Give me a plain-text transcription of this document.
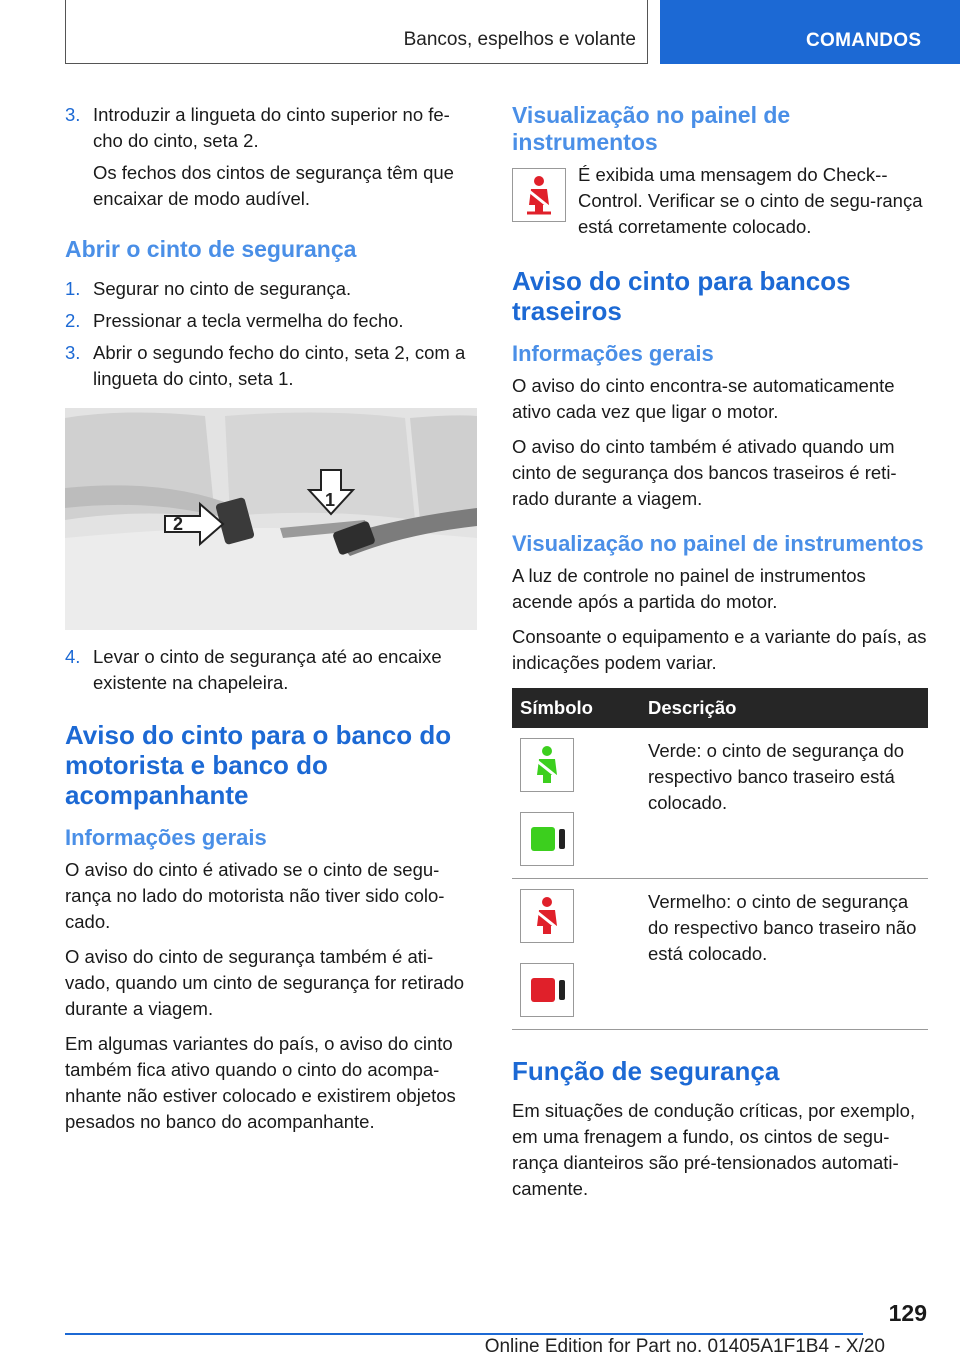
Bancos, espelhos e volante	COMANDOS
3. Introduzir a lingueta do cinto superior no fe-cho do cinto, seta 2.

Os fechos dos cintos de segurança têm que encaixar de modo audível.

Abrir o cinto de segurança
1. Segurar no cinto de segurança.
2. Pressionar a tecla vermelha do fecho.
3. Abrir o segundo fecho do cinto, seta 2, com a lingueta do cinto, seta 1.
2
1
4. Levar o cinto de segurança até ao encaixe existente na chapeleira.
Aviso do cinto para o banco do motorista e banco do acompanhante
Informações gerais

O aviso do cinto é ativado se o cinto de segu-rança no lado do motorista não tiver sido colo-cado.

O aviso do cinto de segurança também é ati-vado, quando um cinto de segurança for retirado durante a viagem.

Em algumas variantes do país, o aviso do cinto também fica ativo quando o cinto do acompa-nhante não estiver colocado e existirem objetos pesados no banco do acompanhante.

Visualização no painel de instrumentos

É exibida uma mensagem do Check--Control. Verificar se o cinto de segu-rança está corretamente colocado.

Aviso do cinto para bancos traseiros
Informações gerais

O aviso do cinto encontra-se automaticamente ativo cada vez que ligar o motor.

O aviso do cinto também é ativado quando um cinto de segurança dos bancos traseiros é reti-rado durante a viagem.

Visualização no painel de instrumentos

A luz de controle no painel de instrumentos acende após a partida do motor.

Consoante o equipamento e a variante do país, as indicações podem variar.

Símbolo	Descrição

	Verde: o cinto de segurança do respectivo banco traseiro está colocado.

	Vermelho: o cinto de segurança do respectivo banco traseiro não está colocado.
Função de segurança

Em situações de condução críticas, por exemplo, em uma frenagem a fundo, os cintos de segu-rança dianteiros são pré-tensionados automati-camente.

129
Online Edition for Part no. 01405A1F1B4 - X/20
